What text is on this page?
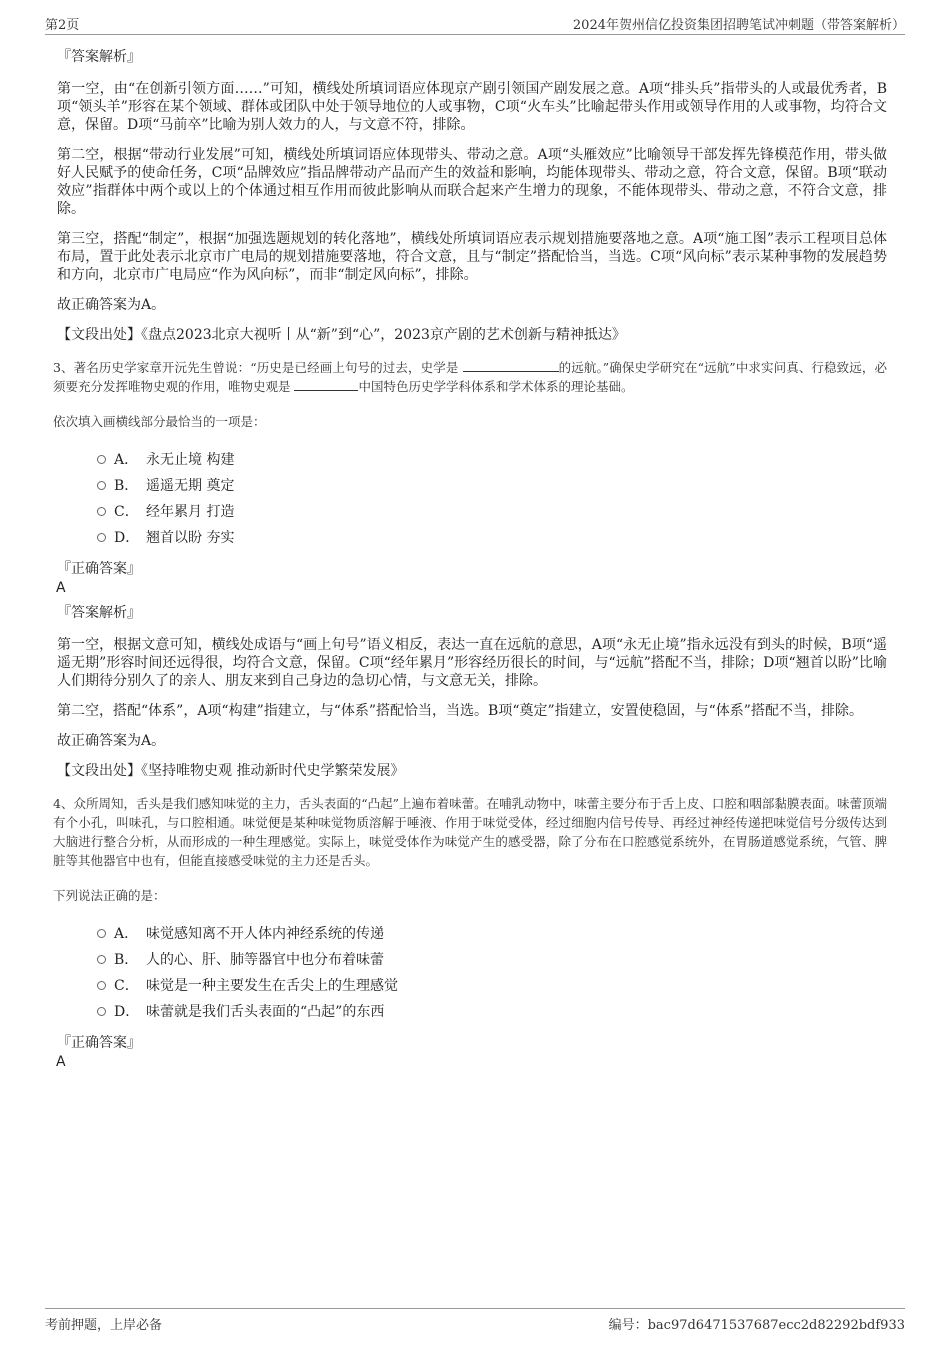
第2页	2024年贺州信亿投资集团招聘笔试冲刺题（带答案解析）
『答案解析』

第一空，由“在创新引领方面……”可知，横线处所填词语应体现京产剧引领国产剧发展之意。A项“排头兵”指带头的人或最优秀者，B项“领头羊”形容在某个领域、群体或团队中处于领导地位的人或事物，C项“火车头”比喻起带头作用或领导作用的人或事物，均符合文意，保留。D项“马前卒”比喻为别人效力的人，与文意不符，排除。

第二空，根据“带动行业发展”可知，横线处所填词语应体现带头、带动之意。A项“头雁效应”比喻领导干部发挥先锋模范作用，带头做好人民赋予的使命任务，C项“品牌效应”指品牌带动产品而产生的效益和影响，均能体现带头、带动之意，符合文意，保留。B项“联动效应”指群体中两个或以上的个体通过相互作用而彼此影响从而联合起来产生增力的现象，不能体现带头、带动之意，不符合文意，排除。

第三空，搭配“制定”，根据“加强选题规划的转化落地”，横线处所填词语应表示规划措施要落地之意。A项“施工图”表示工程项目总体布局，置于此处表示北京市广电局的规划措施要落地，符合文意，且与“制定”搭配恰当，当选。C项“风向标”表示某种事物的发展趋势和方向，北京市广电局应“作为风向标”，而非“制定风向标”，排除。

故正确答案为A。

【文段出处】《盘点2023北京大视听丨从“新”到“心”，2023京产剧的艺术创新与精神抵达》

3、著名历史学家章开沅先生曾说：“历史是已经画上句号的过去，史学是	的远航。”确保史学研究在“远航”中求实问真、行稳致远，必须要充分发挥唯物史观的作用，唯物史观是	中国特色历史学学科体系和学术体系的理论基础。
依次填入画横线部分最恰当的一项是：
A． 永无止境 构建
B． 遥遥无期 奠定
C． 经年累月 打造
D． 翘首以盼 夯实
『正确答案』
A
『答案解析』

第一空，根据文意可知，横线处成语与“画上句号”语义相反，表达一直在远航的意思，A项“永无止境”指永远没有到头的时候，B项“遥遥无期”形容时间还远得很，均符合文意，保留。C项“经年累月”形容经历很长的时间，与“远航”搭配不当，排除；D项“翘首以盼”比喻人们期待分别久了的亲人、朋友来到自己身边的急切心情，与文意无关，排除。

第二空，搭配“体系”，A项“构建”指建立，与“体系”搭配恰当，当选。B项“奠定”指建立，安置使稳固，与“体系”搭配不当，排除。

故正确答案为A。

【文段出处】《坚持唯物史观 推动新时代史学繁荣发展》

4、众所周知，舌头是我们感知味觉的主力，舌头表面的“凸起”上遍布着味蕾。在哺乳动物中，味蕾主要分布于舌上皮、口腔和咽部黏膜表面。味蕾顶端有个小孔，叫味孔，与口腔相通。味觉便是某种味觉物质溶解于唾液、作用于味觉受体，经过细胞内信号传导、再经过神经传递把味觉信号分级传达到大脑进行整合分析，从而形成的一种生理感觉。实际上，味觉受体作为味觉产生的感受器，除了分布在口腔感觉系统外，在胃肠道感觉系统，气管、脾脏等其他器官中也有，但能直接感受味觉的主力还是舌头。
下列说法正确的是：
A． 味觉感知离不开人体内神经系统的传递
B． 人的心、肝、肺等器官中也分布着味蕾
C． 味觉是一种主要发生在舌尖上的生理感觉
D． 味蕾就是我们舌头表面的“凸起”的东西
『正确答案』
A
考前押题，上岸必备	编号：bac97d6471537687ecc2d82292bdf933
